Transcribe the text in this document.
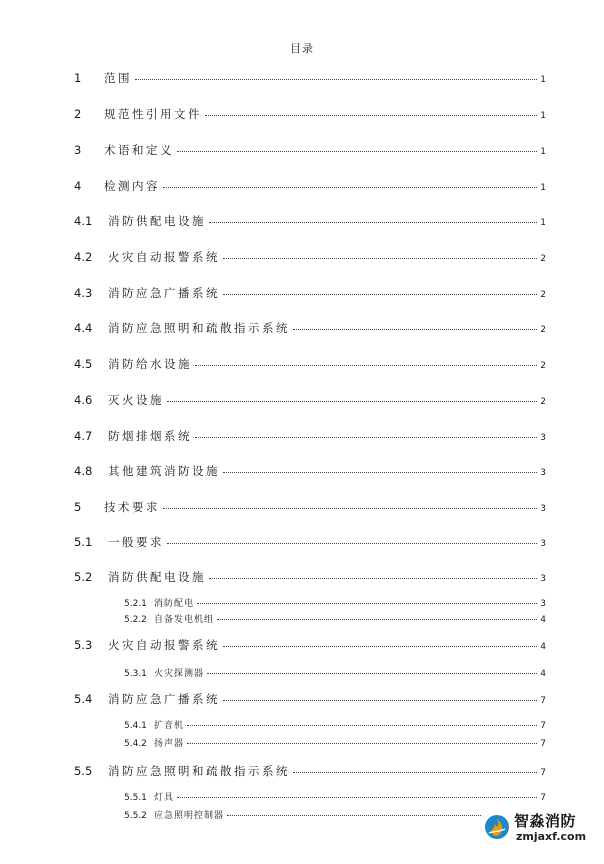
目录
1	范围	1
2	规范性引用文件	1
3	术语和定义	1
4	检测内容	1
4.1	消防供配电设施	1
4.2	火灾自动报警系统	2
4.3	消防应急广播系统	2
4.4	消防应急照明和疏散指示系统	2
4.5	消防给水设施	2
4.6	灭火设施	2
4.7	防烟排烟系统	3
4.8	其他建筑消防设施	3
5	技术要求	3
5.1	一般要求	3
5.2	消防供配电设施	3
5.2.1 消防配电	3
5.2.2 自备发电机组	4
5.3	火灾自动报警系统	4
5.3.1 火灾探测器	4
5.4	消防应急广播系统	7
5.4.1 扩音机	7
5.4.2 扬声器	7
5.5	消防应急照明和疏散指示系统	7
5.5.1 灯具	7
5.5.2 应急照明控制器	智淼消防
zmjaxf.com
